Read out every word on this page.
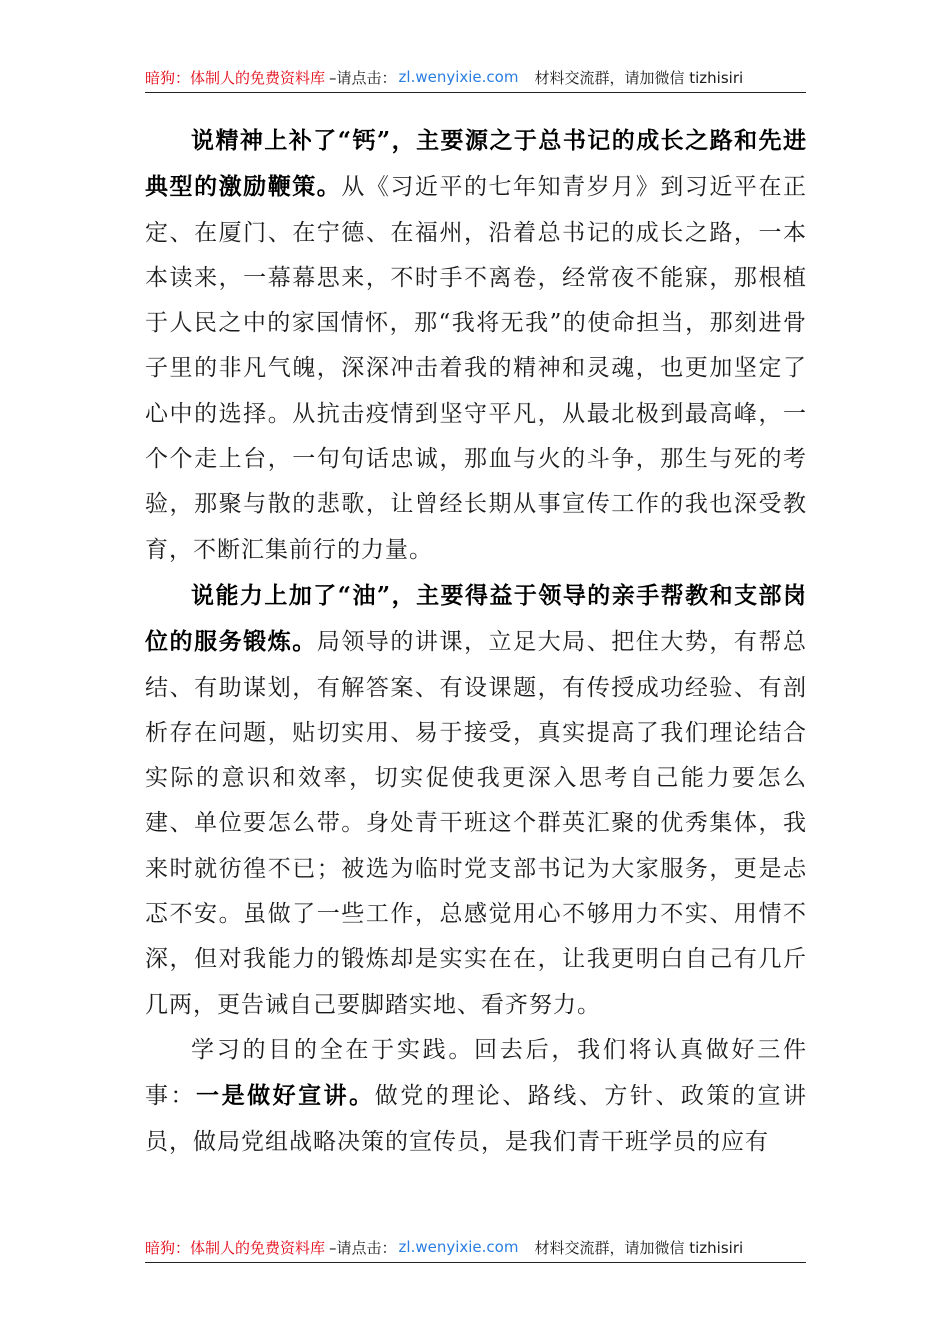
暗狗：体制人的免费资料库 –请点击： zl.wenyixie.com 材料交流群，请加微信 tizhisiri

说精神上补了“钙”，主要源之于总书记的成长之路和先进典型的激励鞭策。从《习近平的七年知青岁月》到习近平在正定、在厦门、在宁德、在福州，沿着总书记的成长之路，一本本读来，一幕幕思来，不时手不离卷，经常夜不能寐，那根植于人民之中的家国情怀，那“我将无我”的使命担当，那刻进骨子里的非凡气魄，深深冲击着我的精神和灵魂，也更加坚定了心中的选择。从抗击疫情到坚守平凡，从最北极到最高峰，一个个走上台，一句句话忠诚，那血与火的斗争，那生与死的考验，那聚与散的悲歌，让曾经长期从事宣传工作的我也深受教育，不断汇集前行的力量。

说能力上加了“油”，主要得益于领导的亲手帮教和支部岗位的服务锻炼。局领导的讲课，立足大局、把住大势，有帮总结、有助谋划，有解答案、有设课题，有传授成功经验、有剖析存在问题，贴切实用、易于接受，真实提高了我们理论结合实际的意识和效率，切实促使我更深入思考自己能力要怎么建、单位要怎么带。身处青干班这个群英汇聚的优秀集体，我来时就彷徨不已；被选为临时党支部书记为大家服务，更是忐忑不安。虽做了一些工作，总感觉用心不够用力不实、用情不深，但对我能力的锻炼却是实实在在，让我更明白自己有几斤几两，更告诫自己要脚踏实地、看齐努力。

学习的目的全在于实践。回去后，我们将认真做好三件事：一是做好宣讲。做党的理论、路线、方针、政策的宣讲员，做局党组战略决策的宣传员，是我们青干班学员的应有

暗狗：体制人的免费资料库 –请点击： zl.wenyixie.com 材料交流群，请加微信 tizhisiri
